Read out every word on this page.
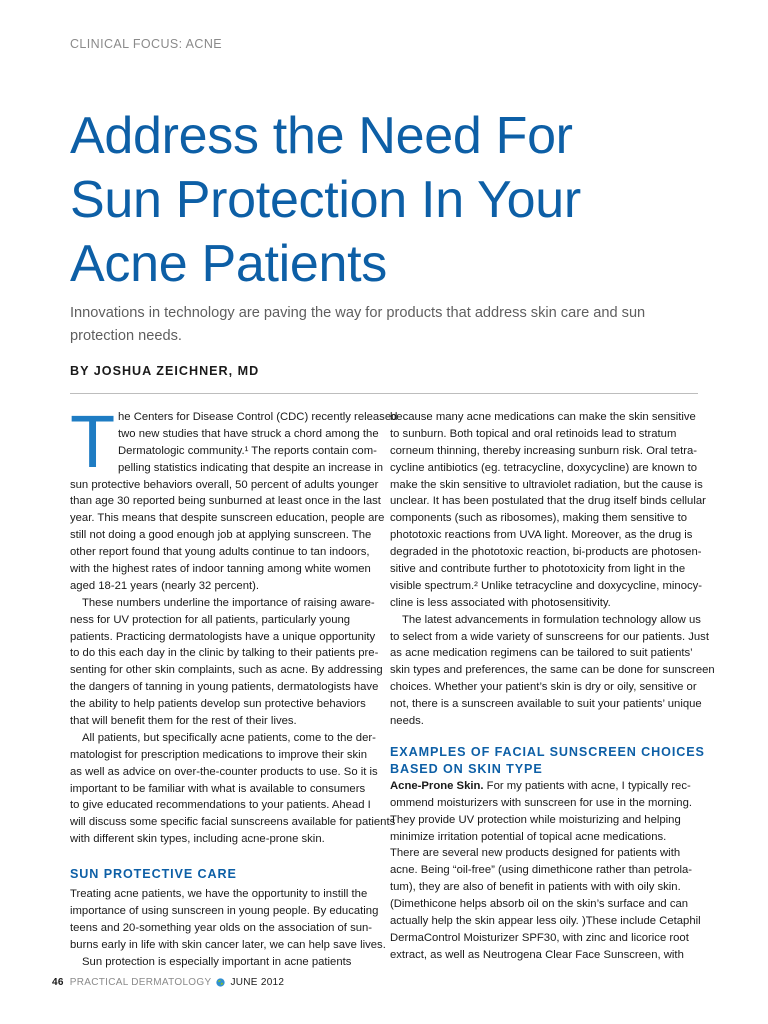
CLINICAL FOCUS: ACNE
Address the Need For
Sun Protection In Your
Acne Patients

Innovations in technology are paving the way for products that address skin care and sun protection needs.

BY JOSHUA ZEICHNER, MD
T he Centers for Disease Control (CDC) recently released
two new studies that have struck a chord among the
Dermatologic community.¹ The reports contain com-
pelling statistics indicating that despite an increase in
sun protective behaviors overall, 50 percent of adults younger
than age 30 reported being sunburned at least once in the last
year. This means that despite sunscreen education, people are
still not doing a good enough job at applying sunscreen. The
other report found that young adults continue to tan indoors,
with the highest rates of indoor tanning among white women
aged 18-21 years (nearly 32 percent).
These numbers underline the importance of raising aware-
ness for UV protection for all patients, particularly young
patients. Practicing dermatologists have a unique opportunity
to do this each day in the clinic by talking to their patients pre-
senting for other skin complaints, such as acne. By addressing
the dangers of tanning in young patients, dermatologists have
the ability to help patients develop sun protective behaviors
that will benefit them for the rest of their lives.
All patients, but specifically acne patients, come to the der-
matologist for prescription medications to improve their skin
as well as advice on over-the-counter products to use. So it is
important to be familiar with what is available to consumers
to give educated recommendations to your patients. Ahead I
will discuss some specific facial sunscreens available for patients
with different skin types, including acne-prone skin.
SUN PROTECTIVE CARE
Treating acne patients, we have the opportunity to instill the
importance of using sunscreen in young people. By educating
teens and 20-something year olds on the association of sun-
burns early in life with skin cancer later, we can help save lives.
Sun protection is especially important in acne patients
because many acne medications can make the skin sensitive
to sunburn. Both topical and oral retinoids lead to stratum
corneum thinning, thereby increasing sunburn risk. Oral tetra-
cycline antibiotics (eg. tetracycline, doxycycline) are known to
make the skin sensitive to ultraviolet radiation, but the cause is
unclear. It has been postulated that the drug itself binds cellular
components (such as ribosomes), making them sensitive to
phototoxic reactions from UVA light. Moreover, as the drug is
degraded in the phototoxic reaction, bi-products are photosen-
sitive and contribute further to phototoxicity from light in the
visible spectrum.² Unlike tetracycline and doxycycline, minocy-
cline is less associated with photosensitivity.
The latest advancements in formulation technology allow us
to select from a wide variety of sunscreens for our patients. Just
as acne medication regimens can be tailored to suit patients’
skin types and preferences, the same can be done for sunscreen
choices. Whether your patient’s skin is dry or oily, sensitive or
not, there is a sunscreen available to suit your patients’ unique
needs.
EXAMPLES OF FACIAL SUNSCREEN CHOICES
BASED ON SKIN TYPE
Acne-Prone Skin. For my patients with acne, I typically rec-
ommend moisturizers with sunscreen for use in the morning.
They provide UV protection while moisturizing and helping
minimize irritation potential of topical acne medications.
There are several new products designed for patients with
acne. Being “oil-free” (using dimethicone rather than petrola-
tum), they are also of benefit in patients with with oily skin.
(Dimethicone helps absorb oil on the skin’s surface and can
actually help the skin appear less oily. )These include Cetaphil
DermaControl Moisturizer SPF30, with zinc and licorice root
extract, as well as Neutrogena Clear Face Sunscreen, with
46 PRACTICAL DERMATOLOGY JUNE 2012
